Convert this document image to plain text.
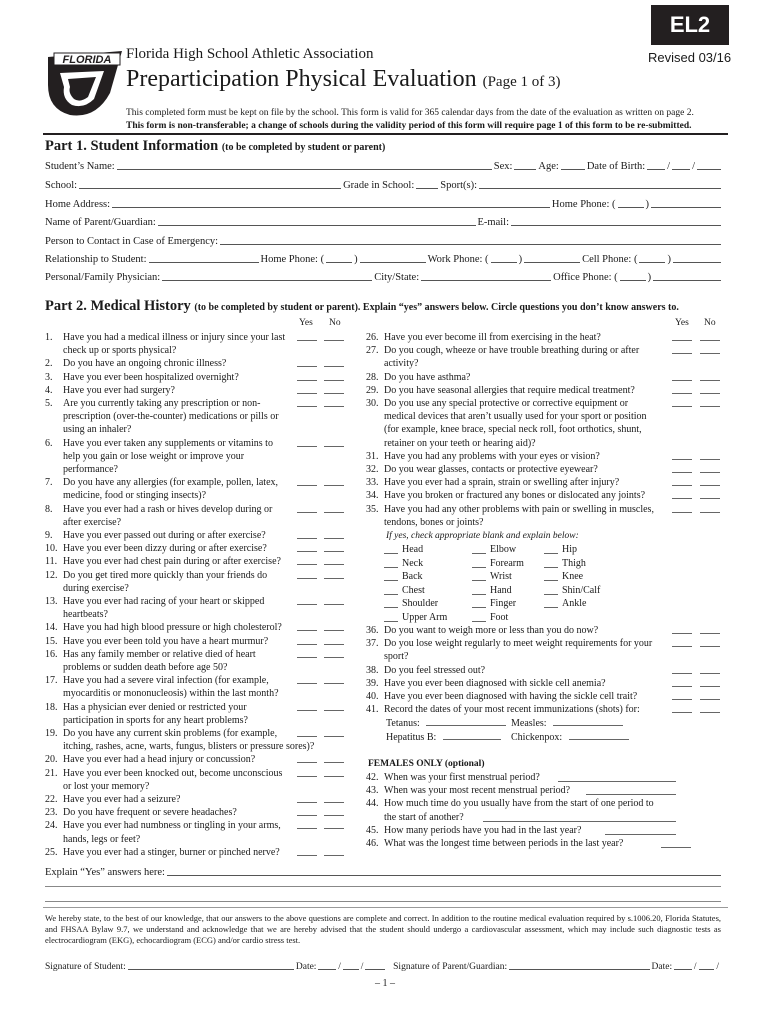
EL2
Revised 03/16
FLORIDA Florida High School Athletic Association
Preparticipation Physical Evaluation (Page 1 of 3)
This completed form must be kept on file by the school. This form is valid for 365 calendar days from the date of the evaluation as written on page 2.
This form is non-transferable; a change of schools during the validity period of this form will require page 1 of this form to be re-submitted.
Part 1. Student Information (to be completed by student or parent)
Student’s Name:	Sex: Age:	Date of Birth: / /
School:	Grade in School: Sport(s):
Home Address:	Home Phone: (	)
Name of Parent/Guardian:	E-mail:
Person to Contact in Case of Emergency:
Relationship to Student:	Home Phone: (	)	Work Phone: (	)	Cell Phone: (	)
Personal/Family Physician:	City/State:	Office Phone: (	)
Part 2. Medical History (to be completed by student or parent). Explain “yes” answers below. Circle questions you don’t know answers to.
Yes No	Yes No
1. Have you had a medical illness or injury since your last
check up or sports physical?
2. Do you have an ongoing chronic illness?
3. Have you ever been hospitalized overnight?
4. Have you ever had surgery?
5. Are you currently taking any prescription or non-
prescription (over-the-counter) medications or pills or
using an inhaler?
6. Have you ever taken any supplements or vitamins to
help you gain or lose weight or improve your
performance?
7. Do you have any allergies (for example, pollen, latex,
medicine, food or stinging insects)?
8. Have you ever had a rash or hives develop during or
after exercise?
9. Have you ever passed out during or after exercise?
10. Have you ever been dizzy during or after exercise?
11. Have you ever had chest pain during or after exercise?
12. Do you get tired more quickly than your friends do
during exercise?
13. Have you ever had racing of your heart or skipped
heartbeats?
14. Have you had high blood pressure or high cholesterol?
15. Have you ever been told you have a heart murmur?
16. Has any family member or relative died of heart
problems or sudden death before age 50?
17. Have you had a severe viral infection (for example,
myocarditis or mononucleosis) within the last month?
18. Has a physician ever denied or restricted your
participation in sports for any heart problems?
19. Do you have any current skin problems (for example,
itching, rashes, acne, warts, fungus, blisters or pressure sores)?
20. Have you ever had a head injury or concussion?
21. Have you ever been knocked out, become unconscious
or lost your memory?
22. Have you ever had a seizure?
23. Do you have frequent or severe headaches?
24. Have you ever had numbness or tingling in your arms,
hands, legs or feet?
25. Have you ever had a stinger, burner or pinched nerve?
26. Have you ever become ill from exercising in the heat?
27. Do you cough, wheeze or have trouble breathing during or after
activity?
28. Do you have asthma?
29. Do you have seasonal allergies that require medical treatment?
30. Do you use any special protective or corrective equipment or
medical devices that aren’t usually used for your sport or position
(for example, knee brace, special neck roll, foot orthotics, shunt,
retainer on your teeth or hearing aid)?
31. Have you had any problems with your eyes or vision?
32. Do you wear glasses, contacts or protective eyewear?
33. Have you ever had a sprain, strain or swelling after injury?
34. Have you broken or fractured any bones or dislocated any joints?
35. Have you had any other problems with pain or swelling in muscles,
tendons, bones or joints?
If yes, check appropriate blank and explain below:
Head	Elbow	Hip
Neck	Forearm	Thigh
Back	Wrist	Knee
Chest	Hand	Shin/Calf
Shoulder	Finger	Ankle
Upper Arm	Foot
36. Do you want to weigh more or less than you do now?
37. Do you lose weight regularly to meet weight requirements for your
sport?
38. Do you feel stressed out?
39. Have you ever been diagnosed with sickle cell anemia?
40. Have you ever been diagnosed with having the sickle cell trait?
41. Record the dates of your most recent immunizations (shots) for:
Tetanus:	Measles:
Hepatitus B:	Chickenpox:
FEMALES ONLY (optional)
42. When was your first menstrual period?
43. When was your most recent menstrual period?
44. How much time do you usually have from the start of one period to
the start of another?
45. How many periods have you had in the last year?
46. What was the longest time between periods in the last year?
Explain “Yes” answers here:
We hereby state, to the best of our knowledge, that our answers to the above questions are complete and correct. In addition to the routine medical evaluation required by s.1006.20, Florida Statutes, and FHSAA Bylaw 9.7, we understand and acknowledge that we are hereby advised that the student should undergo a cardiovascular assessment, which may include such diagnostic tests as electrocardiogram (EKG), echocardiogram (ECG) and/or cardio stress test.
Signature of Student:	Date: / /	Signature of Parent/Guardian:	Date: / /
– 1 –
